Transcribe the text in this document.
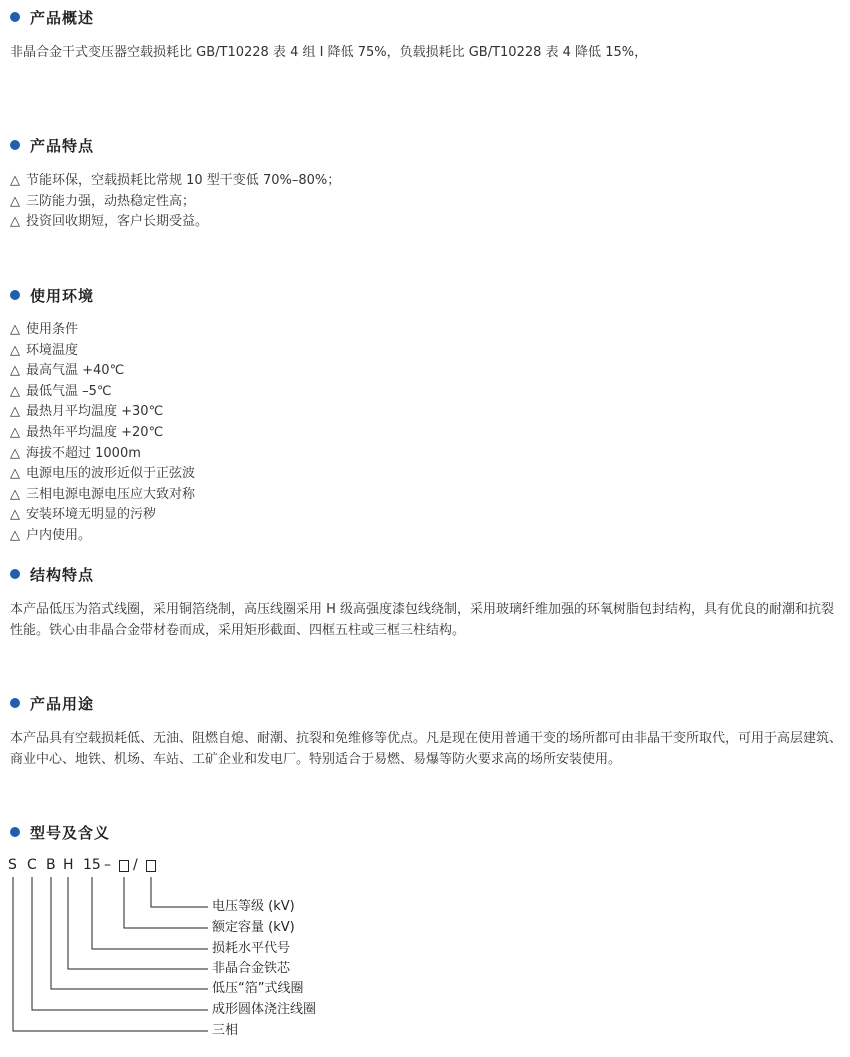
产品概述

非晶合金干式变压器空载损耗比 GB/T10228 表 4 组 I 降低 75%，负载损耗比 GB/T10228 表 4 降低 15%，

产品特点
△ 节能环保，空载损耗比常规 10 型干变低 70%–80%；
△ 三防能力强，动热稳定性高；
△ 投资回收期短，客户长期受益。
使用环境
△ 使用条件
△ 环境温度
△ 最高气温 +40℃
△ 最低气温 –5℃
△ 最热月平均温度 +30℃
△ 最热年平均温度 +20℃
△ 海拔不超过 1000m
△ 电源电压的波形近似于正弦波
△ 三相电源电源电压应大致对称
△ 安装环境无明显的污秽
△ 户内使用。
结构特点

本产品低压为箔式线圈，采用铜箔绕制，高压线圈采用 H 级高强度漆包线绕制，采用玻璃纤维加强的环氧树脂包封结构，具有优良的耐潮和抗裂性能。铁心由非晶合金带材卷而成，采用矩形截面、四框五柱或三框三柱结构。

产品用途

本产品具有空载损耗低、无油、阻燃自熄、耐潮、抗裂和免维修等优点。凡是现在使用普通干变的场所都可由非晶干变所取代，可用于高层建筑、商业中心、地铁、机场、车站、工矿企业和发电厂。特别适合于易燃、易爆等防火要求高的场所安装使用。

型号及含义
S C B H 15 – /
电压等级 (kV)
额定容量 (kV)
损耗水平代号
非晶合金铁芯
低压“箔”式线圈
成形圆体浇注线圈
三相
